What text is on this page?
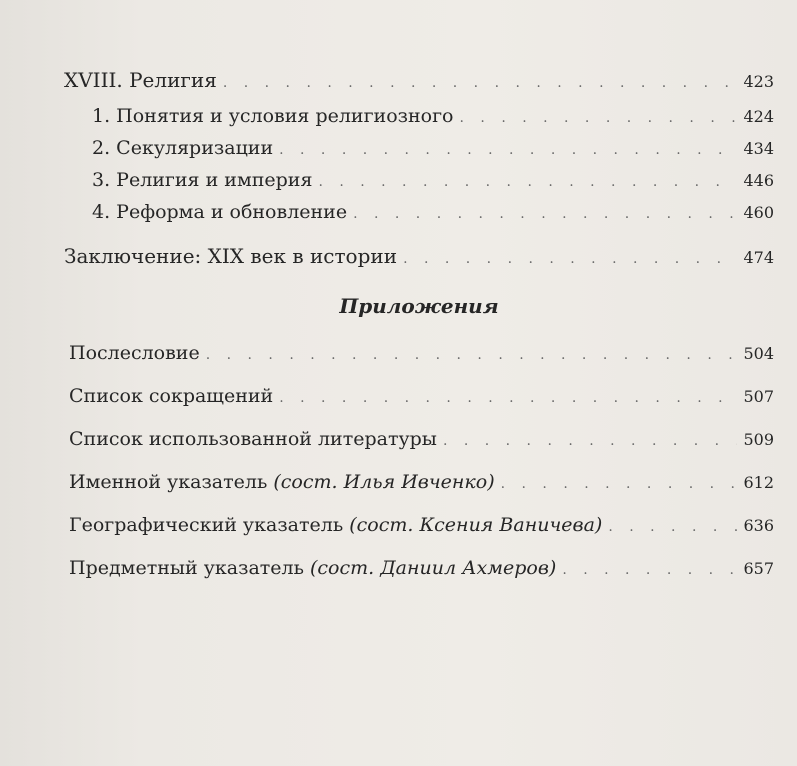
XVIII. Религия . . .	423
1. Понятия и условия религиозного . . .	424
2. Секуляризации . . .	434
3. Религия и империя . . .	446
4. Реформа и обновление . . .	460
Заключение: XIX век в истории . . .	474
Приложения
Послесловие . . .	504
Список сокращений . . .	507
Список использованной литературы . . .	509
Именной указатель (сост. Илья Ивченко) . . .	612
Географический указатель (сост. Ксения Ваничева) . . .	636
Предметный указатель (сост. Даниил Ахмеров) . . .	657
